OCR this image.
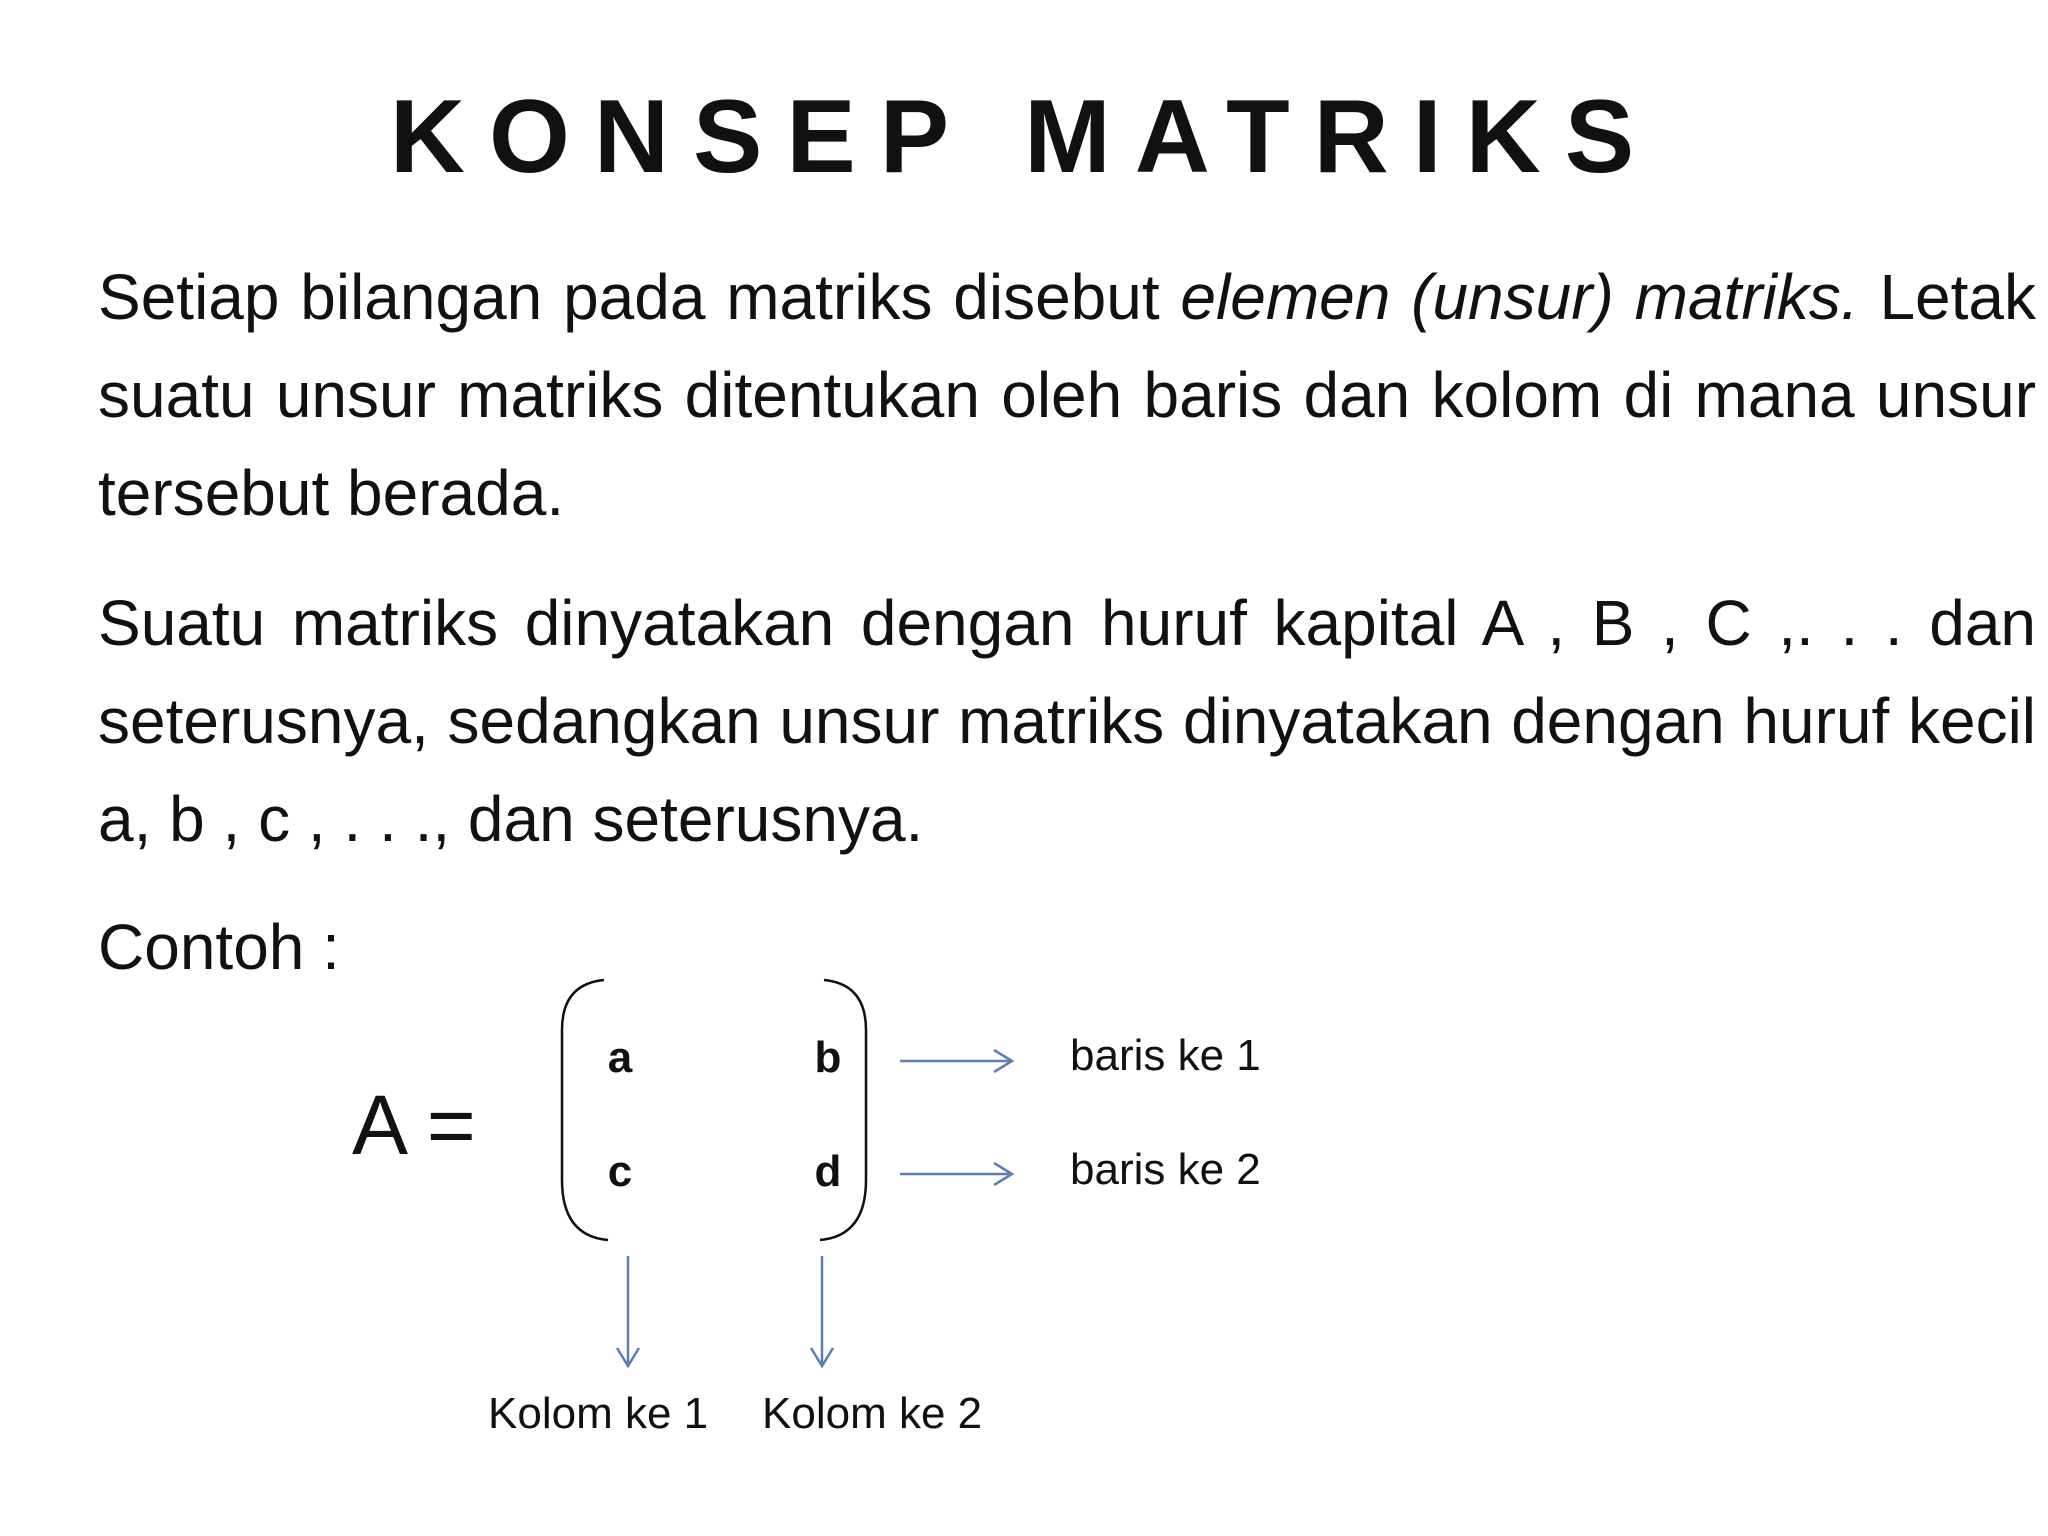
KONSEP MATRIKS
Setiap bilangan pada matriks disebut elemen (unsur) matriks. Letak suatu unsur matriks ditentukan oleh baris dan kolom di mana unsur tersebut berada.
Suatu matriks dinyatakan dengan huruf kapital A , B , C ,. . . dan seterusnya, sedangkan unsur matriks dinyatakan dengan huruf kecil a, b , c , . . ., dan seterusnya.
Contoh :
A =
a	b
c	d
baris ke 1
baris ke 2
Kolom ke 1 Kolom ke 2
